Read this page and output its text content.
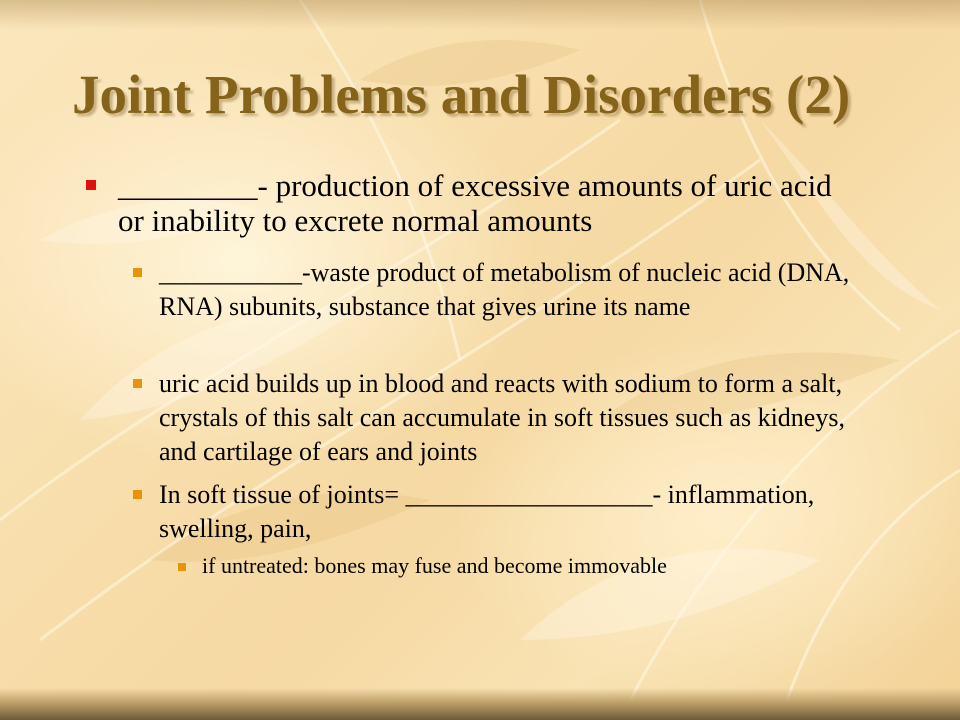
Joint Problems and Disorders (2)
_________- production of excessive amounts of uric acid or inability to excrete normal amounts
___________-waste product of metabolism of nucleic acid (DNA, RNA) subunits, substance that gives urine its name
uric acid builds up in blood and reacts with sodium to form a salt, crystals of this salt can accumulate in soft tissues such as kidneys, and cartilage of ears and joints
In soft tissue of joints= ___________________- inflammation, swelling, pain,
if untreated: bones may fuse and become immovable
